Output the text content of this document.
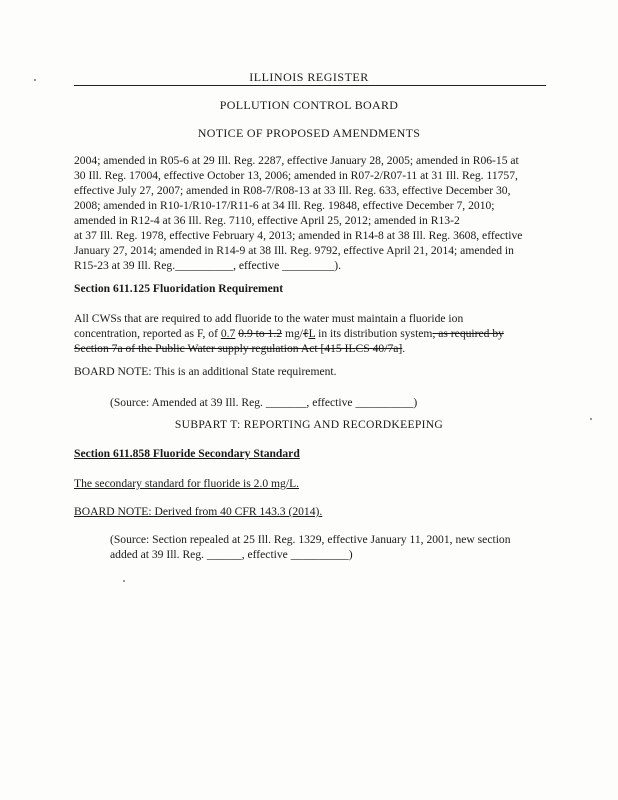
ILLINOIS REGISTER
POLLUTION CONTROL BOARD
NOTICE OF PROPOSED AMENDMENTS
2004; amended in R05-6 at 29 Ill. Reg. 2287, effective January 28, 2005; amended in R06-15 at
30 Ill. Reg. 17004, effective October 13, 2006; amended in R07-2/R07-11 at 31 Ill. Reg. 11757,
effective July 27, 2007; amended in R08-7/R08-13 at 33 Ill. Reg. 633, effective December 30,
2008; amended in R10-1/R10-17/R11-6 at 34 Ill. Reg. 19848, effective December 7, 2010;
amended in R12-4 at 36 Ill. Reg. 7110, effective April 25, 2012; amended in R13-2
at 37 Ill. Reg. 1978, effective February 4, 2013; amended in R14-8 at 38 Ill. Reg. 3608, effective
January 27, 2014; amended in R14-9 at 38 Ill. Reg. 9792, effective April 21, 2014; amended in
R15-23 at 39 Ill. Reg.__________, effective _________).
Section 611.125 Fluoridation Requirement
All CWSs that are required to add fluoride to the water must maintain a fluoride ion
concentration, reported as F, of 0.7 0.9 to 1.2 mg/ℓL in its distribution system, as required by
Section 7a of the Public Water supply regulation Act [415 ILCS 40/7a].
BOARD NOTE: This is an additional State requirement.
(Source: Amended at 39 Ill. Reg. _______, effective __________)
SUBPART T: REPORTING AND RECORDKEEPING
Section 611.858 Fluoride Secondary Standard
The secondary standard for fluoride is 2.0 mg/L.
BOARD NOTE: Derived from 40 CFR 143.3 (2014).
(Source: Section repealed at 25 Ill. Reg. 1329, effective January 11, 2001, new section
added at 39 Ill. Reg. ______, effective __________)
